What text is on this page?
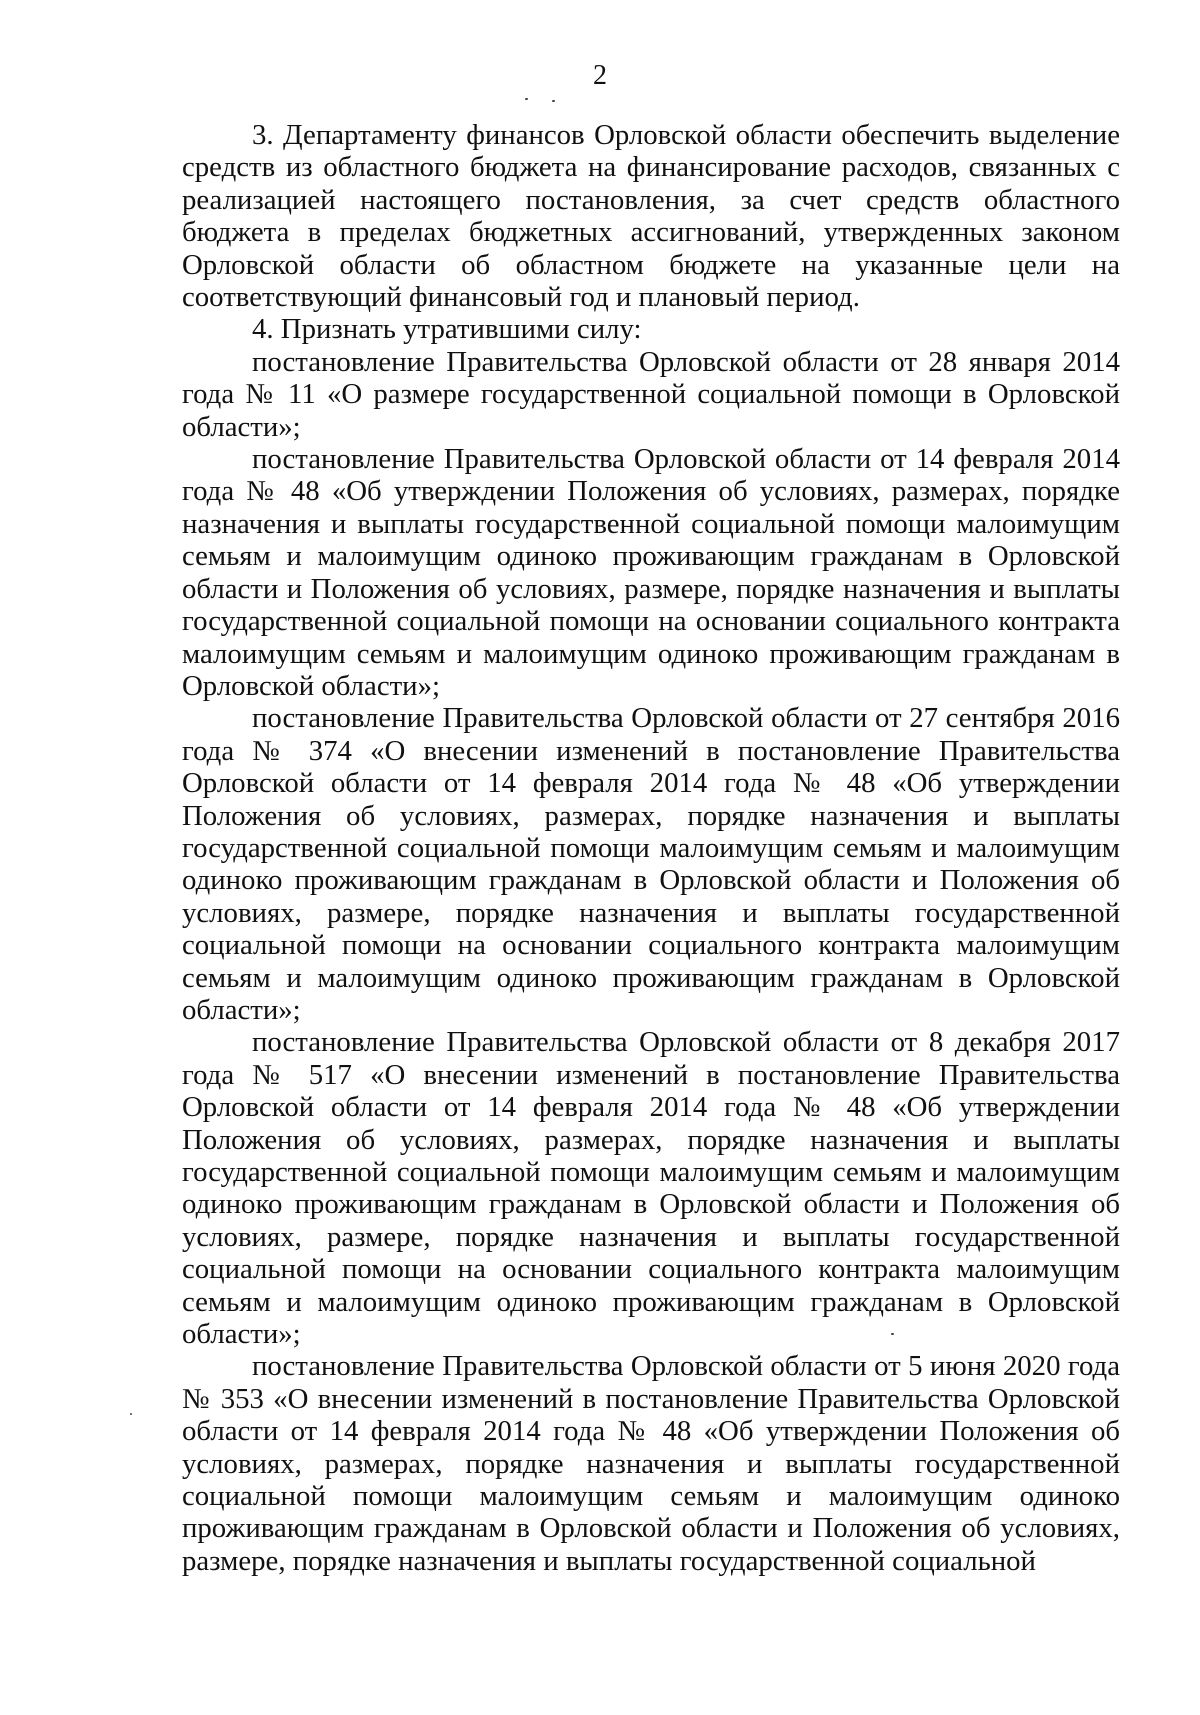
2

3. Департаменту финансов Орловской области обеспечить выделение средств из областного бюджета на финансирование расходов, связанных с реализацией настоящего постановления, за счет средств областного бюджета в пределах бюджетных ассигнований, утвержденных законом Орловской области об областном бюджете на указанные цели на соответствующий финансовый год и плановый период.

4. Признать утратившими силу:

постановление Правительства Орловской области от 28 января 2014 года № 11 «О размере государственной социальной помощи в Орловской области»;

постановление Правительства Орловской области от 14 февраля 2014 года № 48 «Об утверждении Положения об условиях, размерах, порядке назначения и выплаты государственной социальной помощи малоимущим семьям и малоимущим одиноко проживающим гражданам в Орловской области и Положения об условиях, размере, порядке назначения и выплаты государственной социальной помощи на основании социального контракта малоимущим семьям и малоимущим одиноко проживающим гражданам в Орловской области»;

постановление Правительства Орловской области от 27 сентября 2016 года № 374 «О внесении изменений в постановление Правительства Орловской области от 14 февраля 2014 года № 48 «Об утверждении Положения об условиях, размерах, порядке назначения и выплаты государственной социальной помощи малоимущим семьям и малоимущим одиноко проживающим гражданам в Орловской области и Положения об условиях, размере, порядке назначения и выплаты государственной социальной помощи на основании социального контракта малоимущим семьям и малоимущим одиноко проживающим гражданам в Орловской области»;

постановление Правительства Орловской области от 8 декабря 2017 года № 517 «О внесении изменений в постановление Правительства Орловской области от 14 февраля 2014 года № 48 «Об утверждении Положения об условиях, размерах, порядке назначения и выплаты государственной социальной помощи малоимущим семьям и малоимущим одиноко проживающим гражданам в Орловской области и Положения об условиях, размере, порядке назначения и выплаты государственной социальной помощи на основании социального контракта малоимущим семьям и малоимущим одиноко проживающим гражданам в Орловской области»;

постановление Правительства Орловской области от 5 июня 2020 года № 353 «О внесении изменений в постановление Правительства Орловской области от 14 февраля 2014 года № 48 «Об утверждении Положения об условиях, размерах, порядке назначения и выплаты государственной социальной помощи малоимущим семьям и малоимущим одиноко проживающим гражданам в Орловской области и Положения об условиях, размере, порядке назначения и выплаты государственной социальной
